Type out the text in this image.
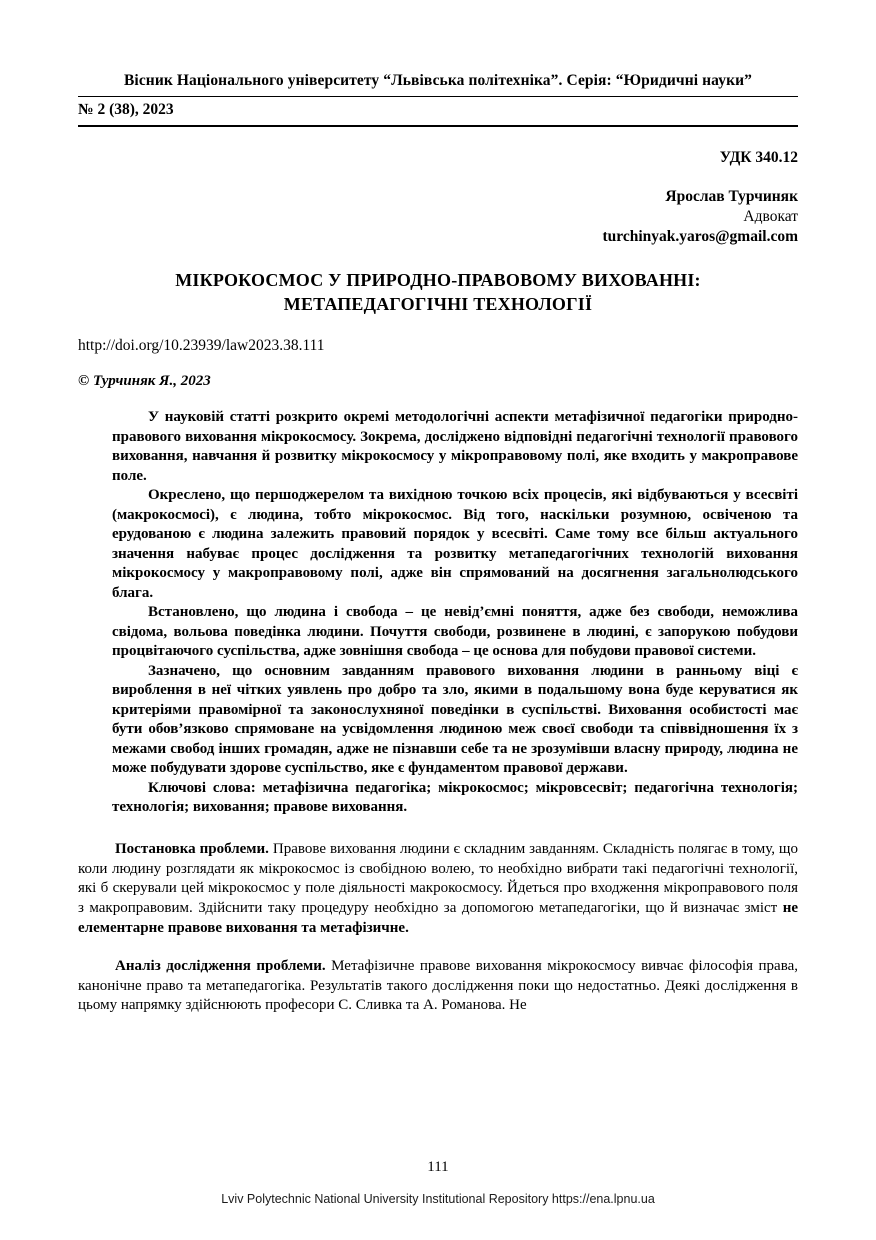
Вісник Національного університету “Львівська політехніка”. Серія: “Юридичні науки”
№ 2 (38), 2023
УДК 340.12
Ярослав Турчиняк
Адвокат
turchinyak.yaros@gmail.com
МІКРОКОСМОС У ПРИРОДНО-ПРАВОВОМУ ВИХОВАННІ:
МЕТАПЕДАГОГІЧНІ ТЕХНОЛОГІЇ
http://doi.org/10.23939/law2023.38.111
© Турчиняк Я., 2023

У науковій статті розкрито окремі методологічні аспекти метафізичної педагогіки природно-правового виховання мікрокосмосу. Зокрема, досліджено відповідні педагогічні технології правового виховання, навчання й розвитку мікрокосмосу у мікроправовому полі, яке входить у макроправове поле.

Окреслено, що першоджерелом та вихідною точкою всіх процесів, які відбуваються у всесвіті (макрокосмосі), є людина, тобто мікрокосмос. Від того, наскільки розумною, освіченою та ерудованою є людина залежить правовий порядок у всесвіті. Саме тому все більш актуального значення набуває процес дослідження та розвитку метапедагогічних технологій виховання мікрокосмосу у макроправовому полі, адже він спрямований на досягнення загальнолюдського блага.

Встановлено, що людина і свобода – це невід’ємні поняття, адже без свободи, неможлива свідома, вольова поведінка людини. Почуття свободи, розвинене в людині, є запорукою побудови процвітаючого суспільства, адже зовнішня свобода – це основа для побудови правової системи.

Зазначено, що основним завданням правового виховання людини в ранньому віці є вироблення в неї чітких уявлень про добро та зло, якими в подальшому вона буде керуватися як критеріями правомірної та законослухняної поведінки в суспільстві. Виховання особистості має бути обов’язково спрямоване на усвідомлення людиною меж своєї свободи та співвідношення їх з межами свобод інших громадян, адже не пізнавши себе та не зрозумівши власну природу, людина не може побудувати здорове суспільство, яке є фундаментом правової держави.

Ключові слова: метафізична педагогіка; мікрокосмос; мікровсесвіт; педагогічна технологія; технологія; виховання; правове виховання.

Постановка проблеми. Правове виховання людини є складним завданням. Складність полягає в тому, що коли людину розглядати як мікрокосмос із свобідною волею, то необхідно вибрати такі педагогічні технології, які б скерували цей мікрокосмос у поле діяльності макрокосмосу. Йдеться про входження мікроправового поля з макроправовим. Здійснити таку процедуру необхідно за допомогою метапедагогіки, що й визначає зміст не елементарне правове виховання та метафізичне.

Аналіз дослідження проблеми. Метафізичне правове виховання мікрокосмосу вивчає філософія права, канонічне право та метапедагогіка. Результатів такого дослідження поки що недостатньо. Деякі дослідження в цьому напрямку здійснюють професори С. Сливка та А. Романова. Не

111
Lviv Polytechnic National University Institutional Repository https://ena.lpnu.ua
